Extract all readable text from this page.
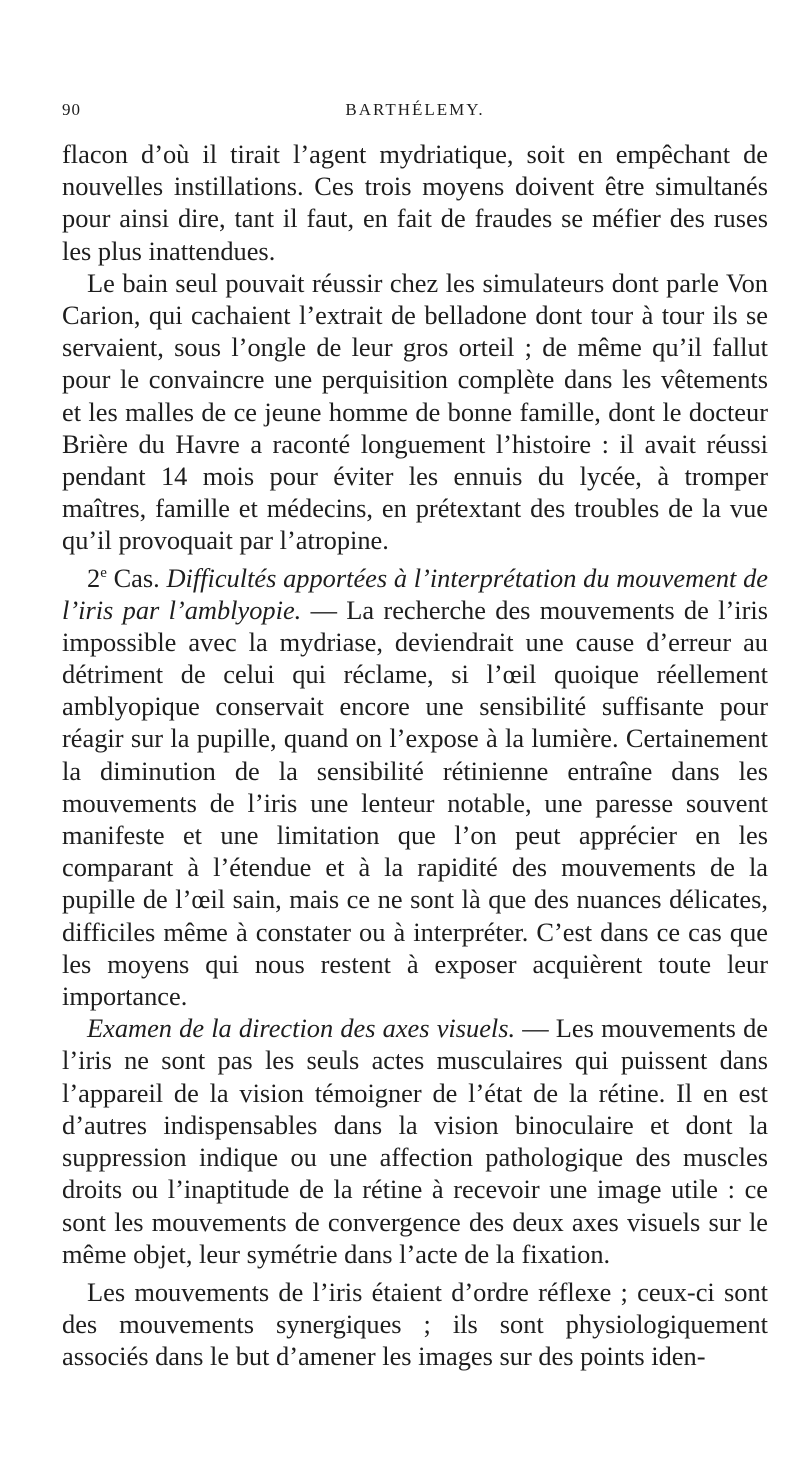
90	BARTHÉLEMY.

flacon d’où il tirait l’agent mydriatique, soit en empêchant de nouvelles instillations. Ces trois moyens doivent être simultanés pour ainsi dire, tant il faut, en fait de fraudes se méfier des ruses les plus inattendues.

Le bain seul pouvait réussir chez les simulateurs dont parle Von Carion, qui cachaient l’extrait de belladone dont tour à tour ils se servaient, sous l’ongle de leur gros orteil ; de même qu’il fallut pour le convaincre une perquisition complète dans les vêtements et les malles de ce jeune homme de bonne famille, dont le docteur Brière du Havre a raconté longuement l’histoire : il avait réussi pendant 14 mois pour éviter les ennuis du lycée, à tromper maîtres, famille et médecins, en prétextant des troubles de la vue qu’il provoquait par l’atropine.

2e Cas. Difficultés apportées à l’interprétation du mouvement de l’iris par l’amblyopie. — La recherche des mouvements de l’iris impossible avec la mydriase, deviendrait une cause d’erreur au détriment de celui qui réclame, si l’œil quoique réellement amblyopique conservait encore une sensibilité suffisante pour réagir sur la pupille, quand on l’expose à la lumière. Certainement la diminution de la sensibilité rétinienne entraîne dans les mouvements de l’iris une lenteur notable, une paresse souvent manifeste et une limitation que l’on peut apprécier en les comparant à l’étendue et à la rapidité des mouvements de la pupille de l’œil sain, mais ce ne sont là que des nuances délicates, difficiles même à constater ou à interpréter. C’est dans ce cas que les moyens qui nous restent à exposer acquièrent toute leur importance.

Examen de la direction des axes visuels. — Les mouvements de l’iris ne sont pas les seuls actes musculaires qui puissent dans l’appareil de la vision témoigner de l’état de la rétine. Il en est d’autres indispensables dans la vision binoculaire et dont la suppression indique ou une affection pathologique des muscles droits ou l’inaptitude de la rétine à recevoir une image utile : ce sont les mouvements de convergence des deux axes visuels sur le même objet, leur symétrie dans l’acte de la fixation.

Les mouvements de l’iris étaient d’ordre réflexe ; ceux-ci sont des mouvements synergiques ; ils sont physiologiquement associés dans le but d’amener les images sur des points iden-
